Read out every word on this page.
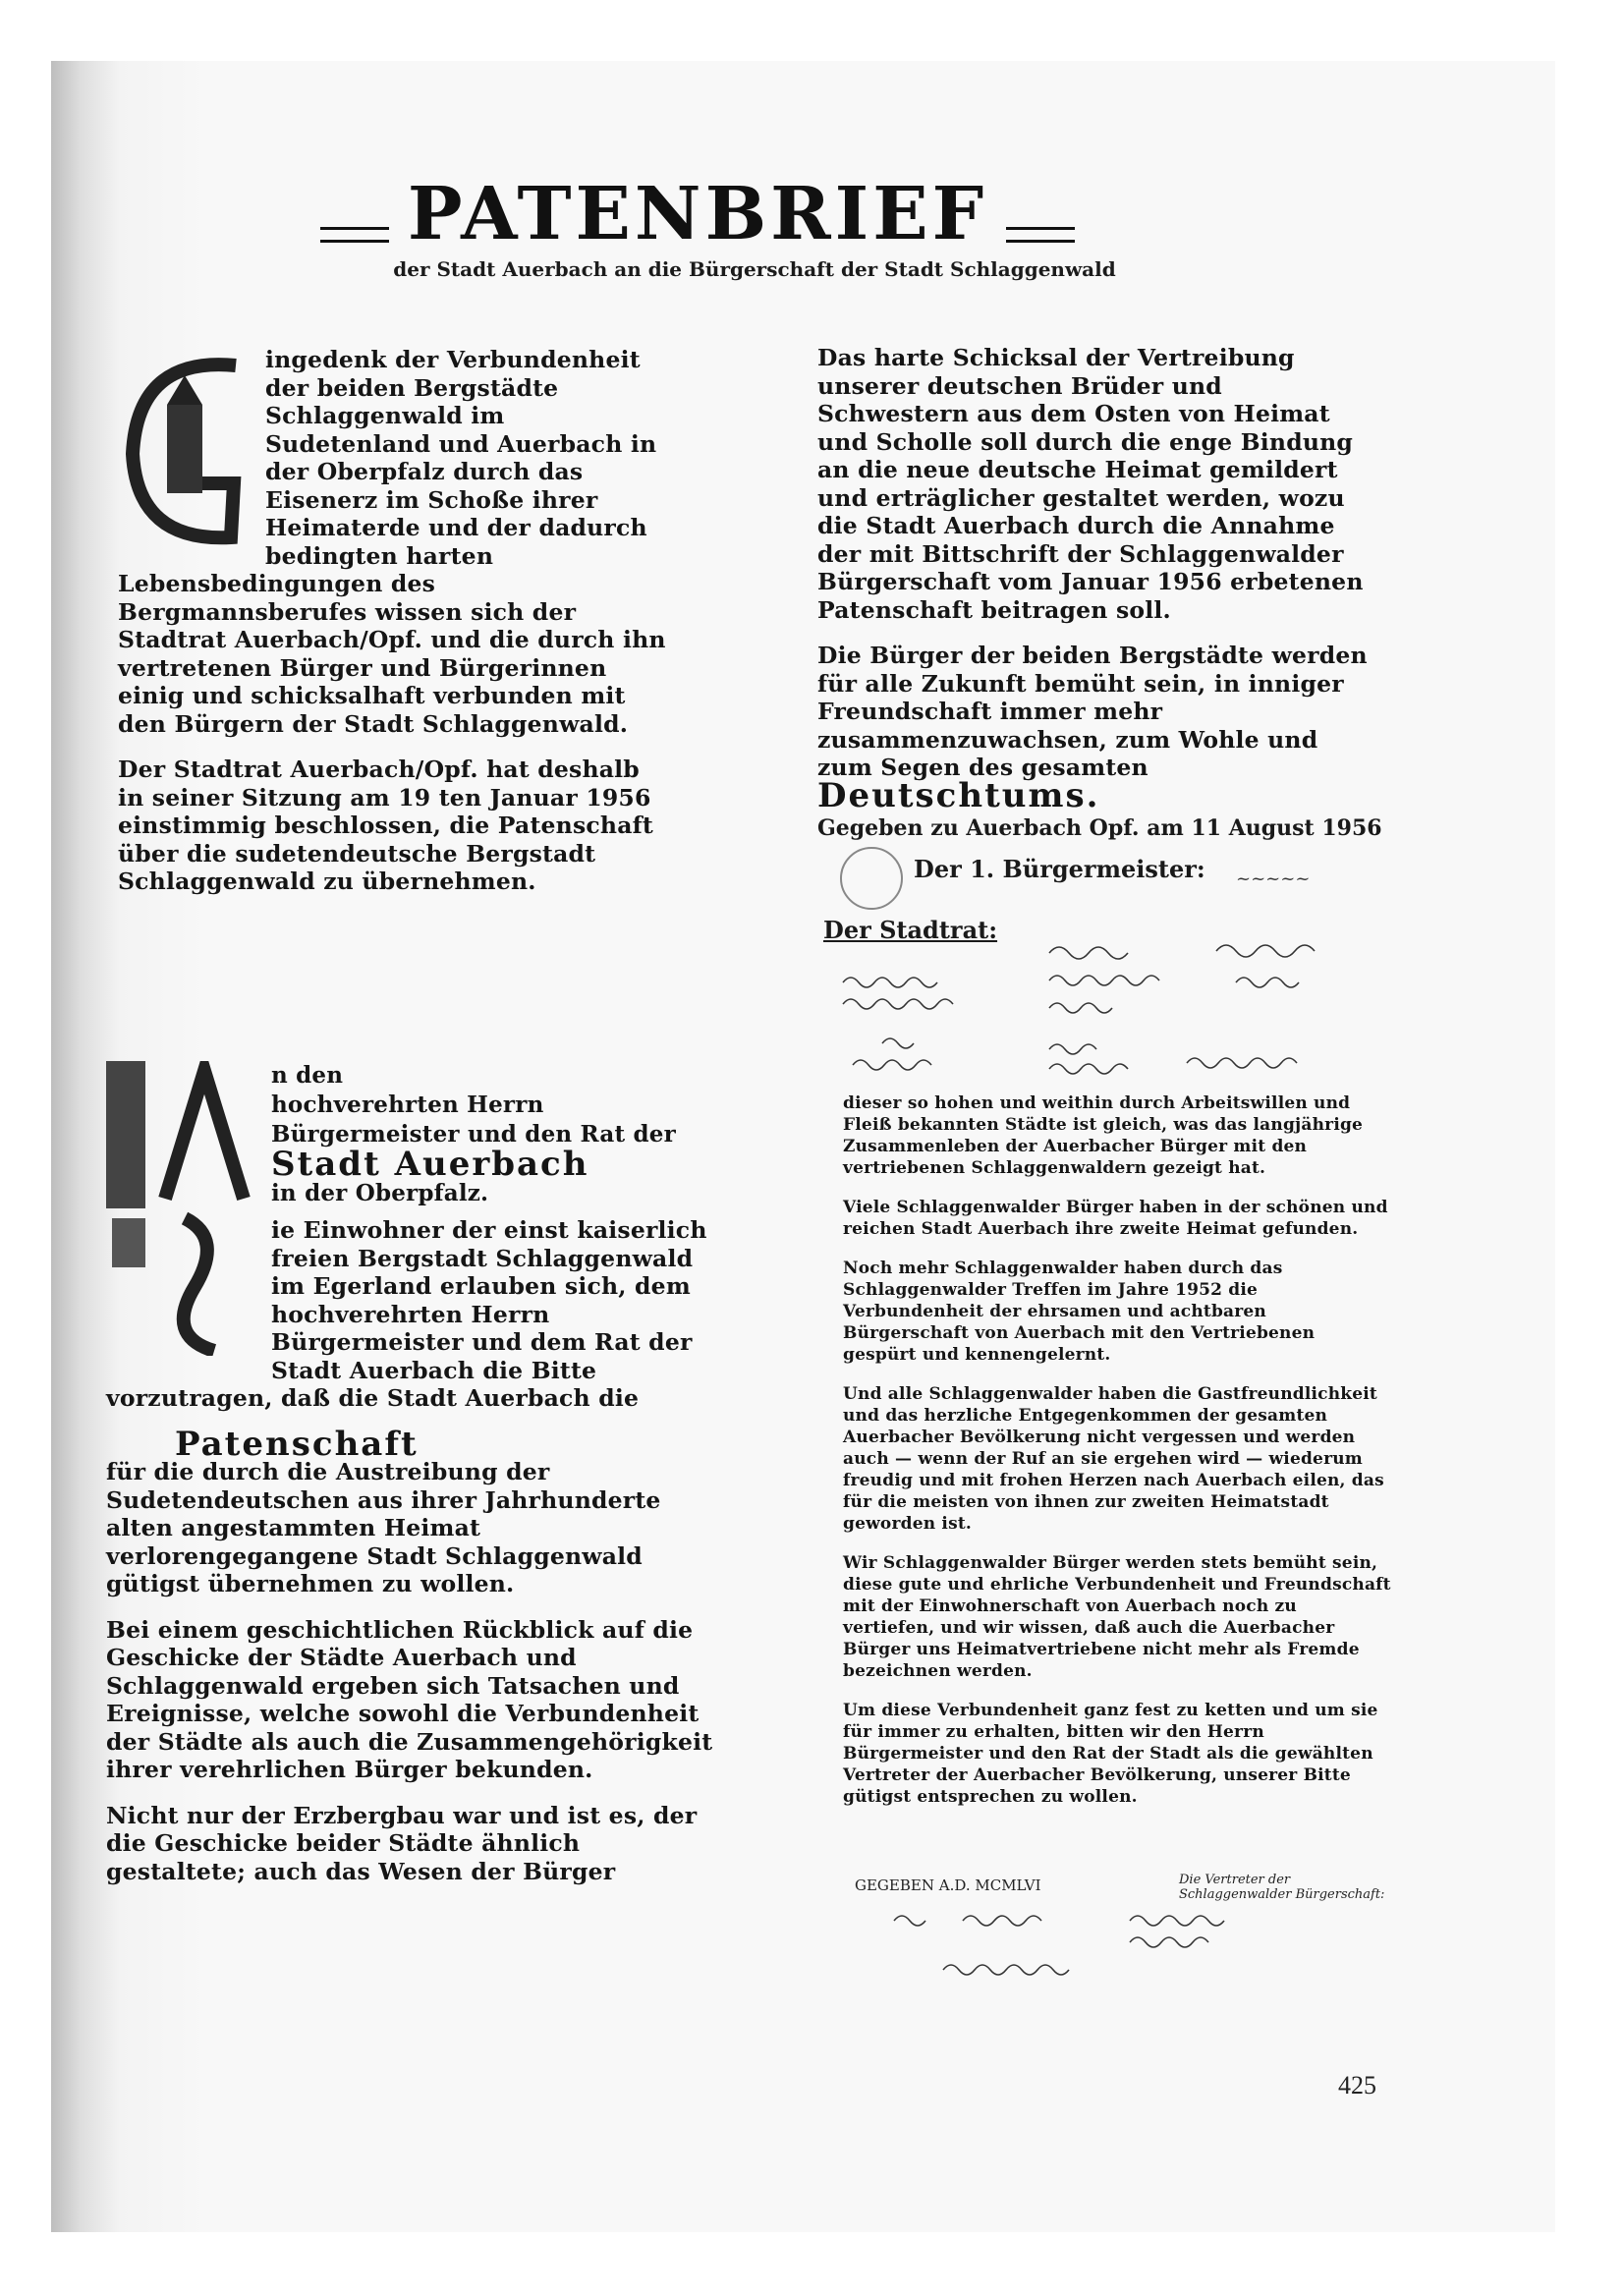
PATENBRIEF
der Stadt Auerbach an die Bürgerschaft der Stadt Schlaggenwald

ingedenk der Verbundenheit der beiden Bergstädte Schlaggenwald im Sudetenland und Auerbach in der Oberpfalz durch das Eisenerz im Schoße ihrer Heimaterde und der dadurch bedingten harten Lebensbedingungen des Bergmannsberufes wissen sich der Stadtrat Auerbach/Opf. und die durch ihn vertretenen Bürger und Bürgerinnen einig und schicksalhaft verbunden mit den Bürgern der Stadt Schlaggenwald.

Der Stadtrat Auerbach/Opf. hat deshalb in seiner Sitzung am 19 ten Januar 1956 einstimmig beschlossen, die Patenschaft über die sudetendeutsche Bergstadt Schlaggenwald zu übernehmen.

Das harte Schicksal der Vertreibung unserer deutschen Brüder und Schwestern aus dem Osten von Heimat und Scholle soll durch die enge Bindung an die neue deutsche Heimat gemildert und erträglicher gestaltet werden, wozu die Stadt Auerbach durch die Annahme der mit Bittschrift der Schlaggenwalder Bürgerschaft vom Januar 1956 erbetenen Patenschaft beitragen soll.

Die Bürger der beiden Bergstädte werden für alle Zukunft bemüht sein, in inniger Freundschaft immer mehr zusammenzuwachsen, zum Wohle und zum Segen des gesamten Deutschtums.

Gegeben zu Auerbach Opf. am 11 August 1956
Der 1. Bürgermeister: ~~~~~
Der Stadtrat:
n den
hochverehrten Herrn
Bürgermeister und den Rat der
Stadt Auerbach
in der Oberpfalz.

ie Einwohner der einst kaiserlich freien Bergstadt Schlaggenwald im Egerland erlauben sich, dem hochverehrten Herrn Bürgermeister und dem Rat der Stadt Auerbach die Bitte vorzutragen, daß die Stadt Auerbach die

Patenschaft

für die durch die Austreibung der Sudetendeutschen aus ihrer Jahrhunderte alten angestammten Heimat verlorengegangene Stadt Schlaggenwald gütigst übernehmen zu wollen.

Bei einem geschichtlichen Rückblick auf die Geschicke der Städte Auerbach und Schlaggenwald ergeben sich Tatsachen und Ereignisse, welche sowohl die Verbundenheit der Städte als auch die Zusammengehörigkeit ihrer verehrlichen Bürger bekunden.

Nicht nur der Erzbergbau war und ist es, der die Geschicke beider Städte ähnlich gestaltete; auch das Wesen der Bürger

dieser so hohen und weithin durch Arbeitswillen und Fleiß bekannten Städte ist gleich, was das langjährige Zusammenleben der Auerbacher Bürger mit den vertriebenen Schlaggenwaldern gezeigt hat.

Viele Schlaggenwalder Bürger haben in der schönen und reichen Stadt Auerbach ihre zweite Heimat gefunden.

Noch mehr Schlaggenwalder haben durch das Schlaggenwalder Treffen im Jahre 1952 die Verbundenheit der ehrsamen und achtbaren Bürgerschaft von Auerbach mit den Vertriebenen gespürt und kennengelernt.

Und alle Schlaggenwalder haben die Gastfreundlichkeit und das herzliche Entgegenkommen der gesamten Auerbacher Bevölkerung nicht vergessen und werden auch — wenn der Ruf an sie ergehen wird — wiederum freudig und mit frohen Herzen nach Auerbach eilen, das für die meisten von ihnen zur zweiten Heimatstadt geworden ist.

Wir Schlaggenwalder Bürger werden stets bemüht sein, diese gute und ehrliche Verbundenheit und Freundschaft mit der Einwohnerschaft von Auerbach noch zu vertiefen, und wir wissen, daß auch die Auerbacher Bürger uns Heimatvertriebene nicht mehr als Fremde bezeichnen werden.

Um diese Verbundenheit ganz fest zu ketten und um sie für immer zu erhalten, bitten wir den Herrn Bürgermeister und den Rat der Stadt als die gewählten Vertreter der Auerbacher Bevölkerung, unserer Bitte gütigst entsprechen zu wollen.

GEGEBEN A.D. MCMLVI	Die Vertreter der Schlaggenwalder Bürgerschaft:
425
